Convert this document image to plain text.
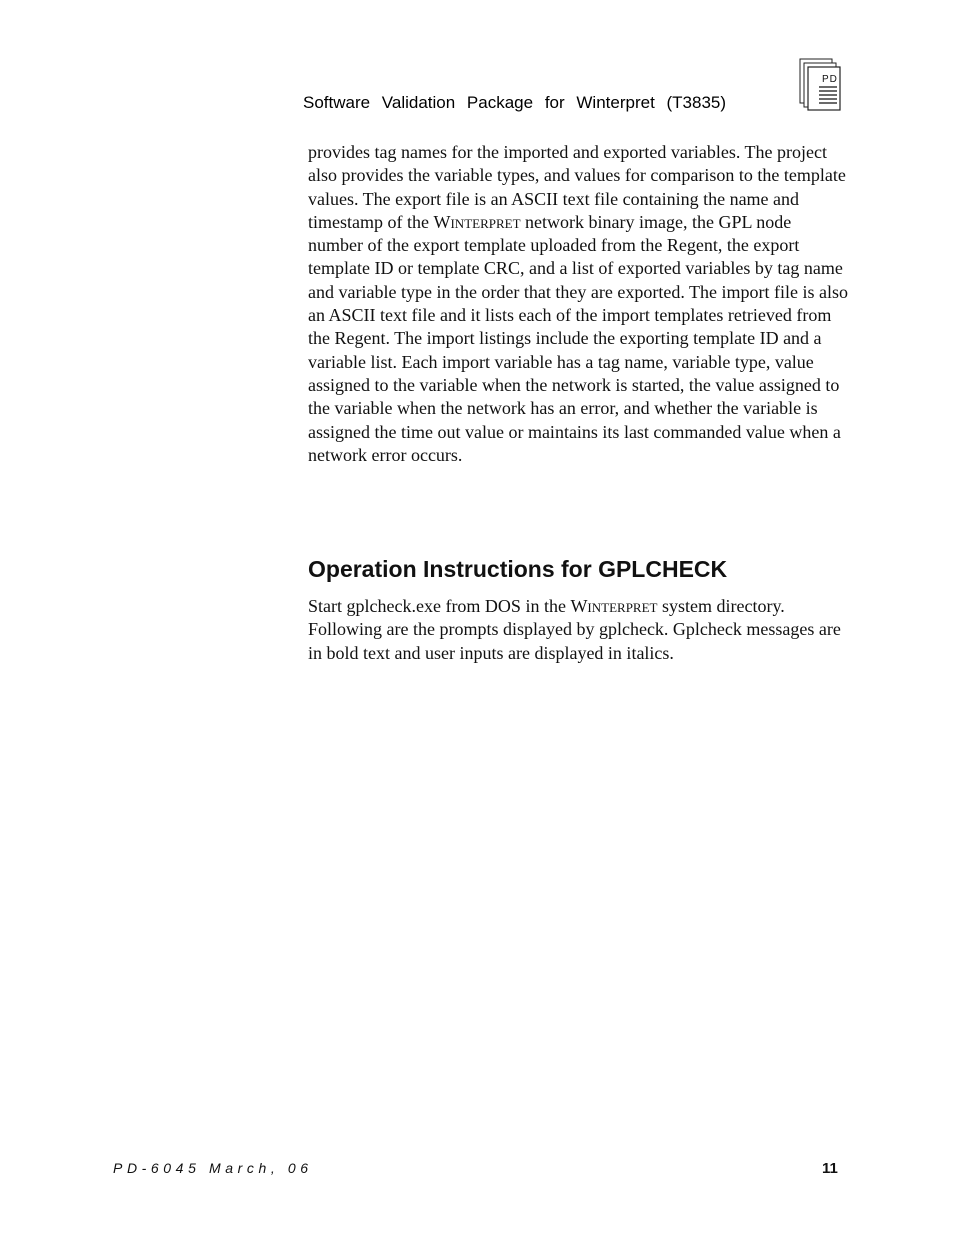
Software Validation Package for Winterpret (T3835)
PD

provides tag names for the imported and exported variables. The project also provides the variable types, and values for comparison to the template values. The export file is an ASCII text file containing the name and timestamp of the Winterpret network binary image, the GPL node number of the export template uploaded from the Regent, the export template ID or template CRC, and a list of exported variables by tag name and variable type in the order that they are exported. The import file is also an ASCII text file and it lists each of the import templates retrieved from the Regent. The import listings include the exporting template ID and a variable list. Each import variable has a tag name, variable type, value assigned to the variable when the network is started, the value assigned to the variable when the network has an error, and whether the variable is assigned the time out value or maintains its last commanded value when a network error occurs.

Operation Instructions for GPLCHECK

Start gplcheck.exe from DOS in the Winterpret system directory. Following are the prompts displayed by gplcheck. Gplcheck messages are in bold text and user inputs are displayed in italics.

PD-6045 March, 06	11
